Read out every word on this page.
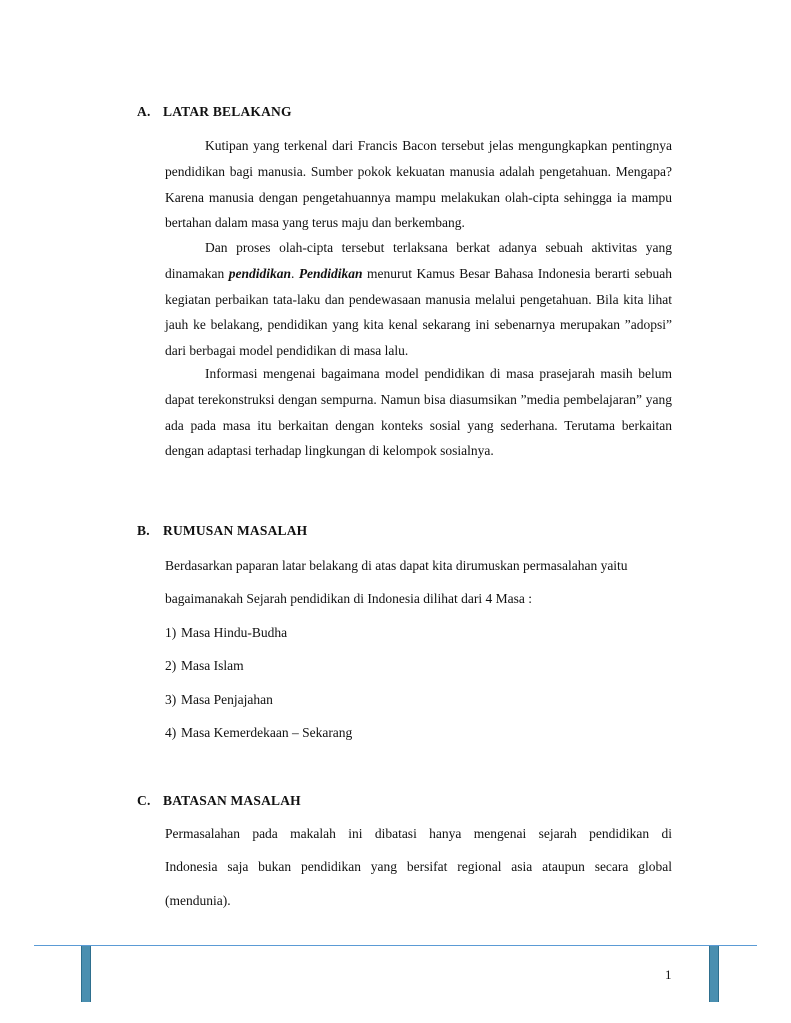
A. LATAR BELAKANG

Kutipan yang terkenal dari Francis Bacon tersebut jelas mengungkapkan pentingnya pendidikan bagi manusia. Sumber pokok kekuatan manusia adalah pengetahuan. Mengapa? Karena manusia dengan pengetahuannya mampu melakukan olah-cipta sehingga ia mampu bertahan dalam masa yang terus maju dan berkembang.

Dan proses olah-cipta tersebut terlaksana berkat adanya sebuah aktivitas yang dinamakan pendidikan. Pendidikan menurut Kamus Besar Bahasa Indonesia berarti sebuah kegiatan perbaikan tata-laku dan pendewasaan manusia melalui pengetahuan. Bila kita lihat jauh ke belakang, pendidikan yang kita kenal sekarang ini sebenarnya merupakan ”adopsi” dari berbagai model pendidikan di masa lalu.

Informasi mengenai bagaimana model pendidikan di masa prasejarah masih belum dapat terekonstruksi dengan sempurna. Namun bisa diasumsikan ”media pembelajaran” yang ada pada masa itu berkaitan dengan konteks sosial yang sederhana. Terutama berkaitan dengan adaptasi terhadap lingkungan di kelompok sosialnya.

B. RUMUSAN MASALAH
Berdasarkan paparan latar belakang di atas dapat kita dirumuskan permasalahan yaitu
bagaimanakah Sejarah pendidikan di Indonesia dilihat dari 4 Masa :
1) Masa Hindu-Budha
2) Masa Islam
3) Masa Penjajahan
4) Masa Kemerdekaan – Sekarang
C. BATASAN MASALAH
Permasalahan pada makalah ini dibatasi hanya mengenai sejarah pendidikan di
Indonesia saja bukan pendidikan yang bersifat regional asia ataupun secara global
(mendunia).
1
